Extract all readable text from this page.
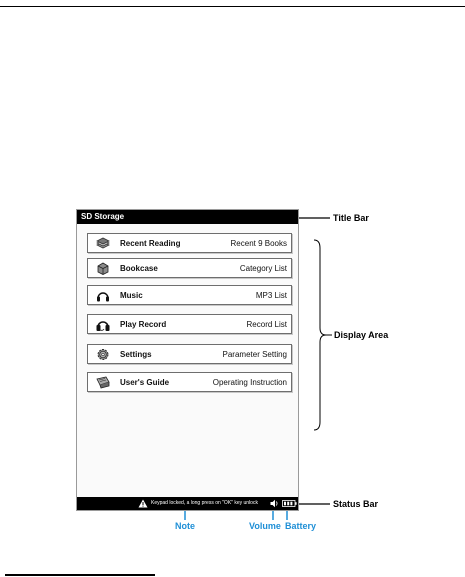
SD Storage
Recent Reading	Recent 9 Books
Bookcase	Category List
Music	MP3 List
Play Record	Record List
Settings	Parameter Setting
User's Guide	Operating Instruction
Keypad locked, a long press on "OK" key unlock
Title Bar
Display Area
Status Bar
Note	Volume Battery
